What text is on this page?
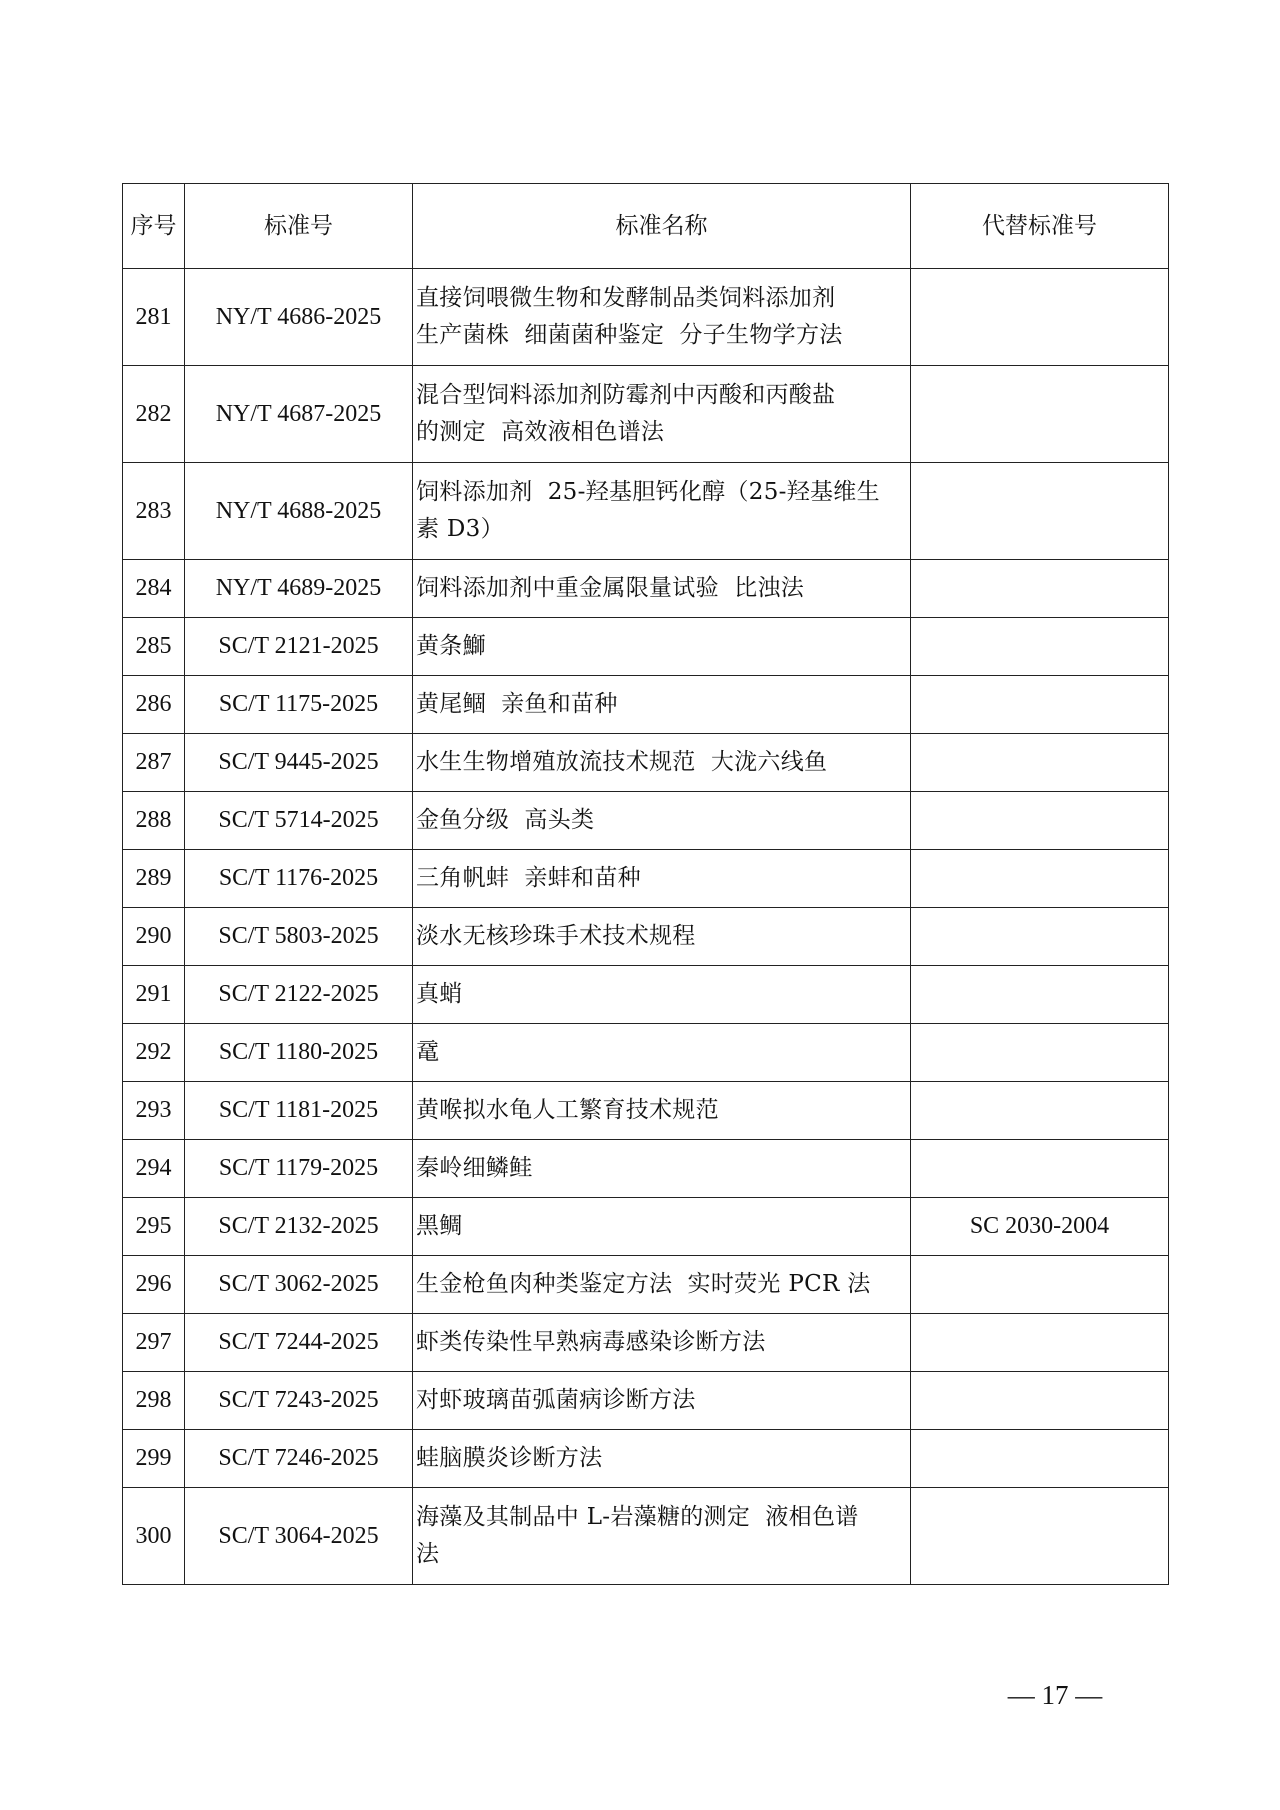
序号	标准号	标准名称	代替标准号
281	NY/T 4686-2025	直接饲喂微生物和发酵制品类饲料添加剂
生产菌株  细菌菌种鉴定  分子生物学方法	

282	NY/T 4687-2025	混合型饲料添加剂防霉剂中丙酸和丙酸盐
的测定  高效液相色谱法	

283	NY/T 4688-2025	饲料添加剂  25-羟基胆钙化醇（25-羟基维生
素 D3）	

284	NY/T 4689-2025	饲料添加剂中重金属限量试验  比浊法	

285	SC/T 2121-2025	黄条鰤	

286	SC/T 1175-2025	黄尾鲴  亲鱼和苗种	

287	SC/T 9445-2025	水生生物增殖放流技术规范  大泷六线鱼	

288	SC/T 5714-2025	金鱼分级  高头类	

289	SC/T 1176-2025	三角帆蚌  亲蚌和苗种	

290	SC/T 5803-2025	淡水无核珍珠手术技术规程	

291	SC/T 2122-2025	真蛸	

292	SC/T 1180-2025	鼋	

293	SC/T 1181-2025	黄喉拟水龟人工繁育技术规范	

294	SC/T 1179-2025	秦岭细鳞鲑	

295	SC/T 2132-2025	黑鲷	SC 2030-2004
296	SC/T 3062-2025	生金枪鱼肉种类鉴定方法  实时荧光 PCR 法	

297	SC/T 7244-2025	虾类传染性早熟病毒感染诊断方法	

298	SC/T 7243-2025	对虾玻璃苗弧菌病诊断方法	

299	SC/T 7246-2025	蛙脑膜炎诊断方法	

300	SC/T 3064-2025	海藻及其制品中 L-岩藻糖的测定  液相色谱
法	

— 17 —
